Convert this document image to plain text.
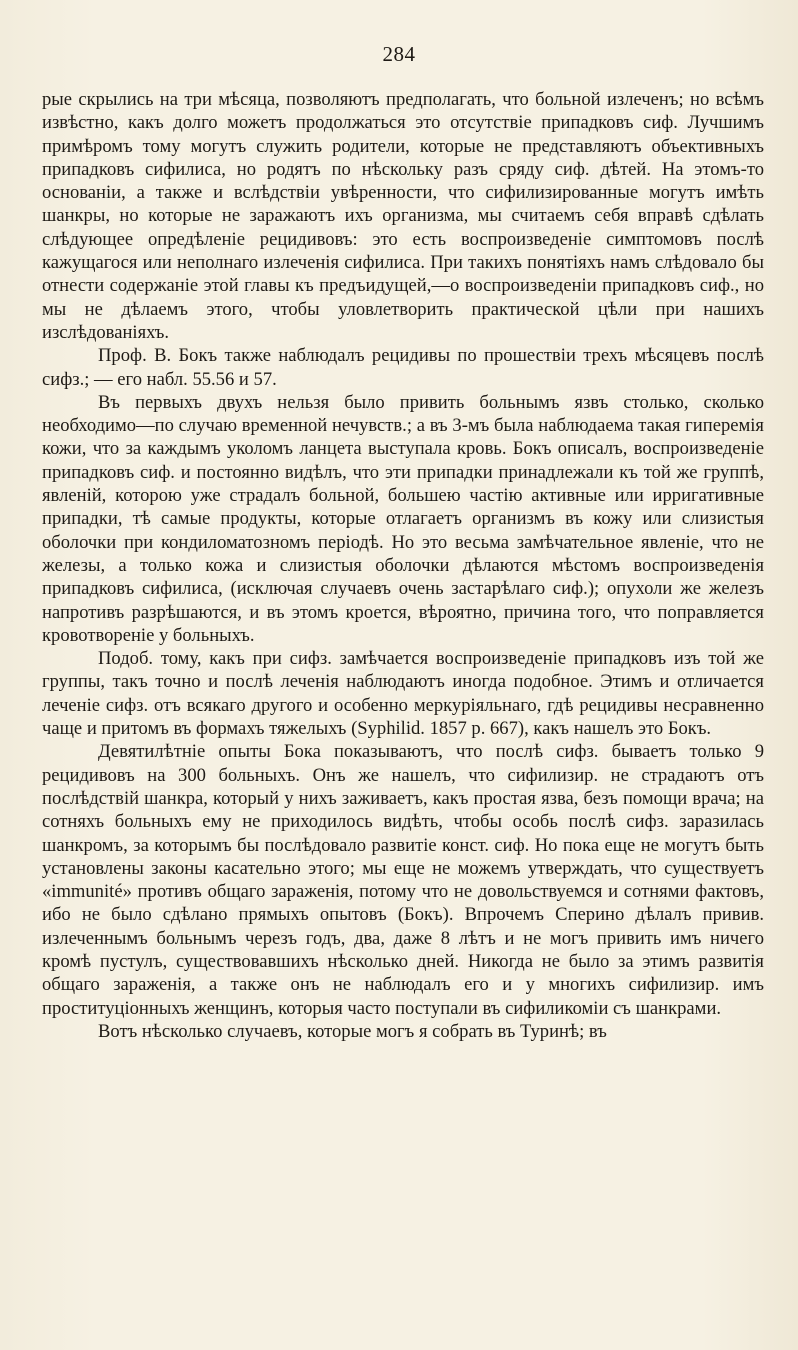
284

рые скрылись на три мѣсяца, позволяютъ предполагать, что больной излеченъ; но всѣмъ извѣстно, какъ долго можетъ продолжаться это отсутствіе припадковъ сиф. Лучшимъ примѣромъ тому могутъ служить родители, которые не представляютъ объективныхъ припадковъ сифилиса, но родятъ по нѣскольку разъ сряду сиф. дѣтей. На этомъ-то основаніи, а также и вслѣдствіи увѣренности, что сифилизированные могутъ имѣть шанкры, но которые не заражаютъ ихъ организма, мы считаемъ себя вправѣ сдѣлать слѣдующее опредѣленіе рецидивовъ: это есть воспроизведеніе симптомовъ послѣ кажущагося или неполнаго излеченія сифилиса. При такихъ понятіяхъ намъ слѣдовало бы отнести содержаніе этой главы къ предъидущей,—о воспроизведеніи припадковъ сиф., но мы не дѣлаемъ этого, чтобы уловлетворить практической цѣли при нашихъ изслѣдованіяхъ.

Проф. В. Бокъ также наблюдалъ рецидивы по прошествіи трехъ мѣсяцевъ послѣ сифз.; — его набл. 55.56 и 57.

Въ первыхъ двухъ нельзя было привить больнымъ язвъ столько, сколько необходимо—по случаю временной нечувств.; а въ 3-мъ была наблюдаема такая гиперемія кожи, что за каждымъ уколомъ ланцета выступала кровь. Бокъ описалъ, воспроизведеніе припадковъ сиф. и постоянно видѣлъ, что эти припадки принадлежали къ той же группѣ, явленій, которою уже страдалъ больной, большею частію активные или ирригативные припадки, тѣ самые продукты, которые отлагаетъ организмъ въ кожу или слизистыя оболочки при кондиломатозномъ періодѣ. Но это весьма замѣчательное явленіе, что не железы, а только кожа и слизистыя оболочки дѣлаются мѣстомъ воспроизведенія припадковъ сифилиса, (исключая случаевъ очень застарѣлаго сиф.); опухоли же железъ напротивъ разрѣшаются, и въ этомъ кроется, вѣроятно, причина того, что поправляется кровотвореніе у больныхъ.

Подоб. тому, какъ при сифз. замѣчается воспроизведеніе припадковъ изъ той же группы, такъ точно и послѣ леченія наблюдаютъ иногда подобное. Этимъ и отличается леченіе сифз. отъ всякаго другого и особенно меркуріяльнаго, гдѣ рецидивы несравненно чаще и притомъ въ формахъ тяжелыхъ (Syphilid. 1857 p. 667), какъ нашелъ это Бокъ.

Девятилѣтніе опыты Бока показываютъ, что послѣ сифз. бываетъ только 9 рецидивовъ на 300 больныхъ. Онъ же нашелъ, что сифилизир. не страдаютъ отъ послѣдствій шанкра, который у нихъ заживаетъ, какъ простая язва, безъ помощи врача; на сотняхъ больныхъ ему не приходилось видѣть, чтобы особь послѣ сифз. заразилась шанкромъ, за которымъ бы послѣдовало развитіе конст. сиф. Но пока еще не могутъ быть установлены законы касательно этого; мы еще не можемъ утверждать, что существуетъ «immunité» противъ общаго зараженія, потому что не довольствуемся и сотнями фактовъ, ибо не было сдѣлано прямыхъ опытовъ (Бокъ). Впрочемъ Сперино дѣлалъ привив. излеченнымъ больнымъ черезъ годъ, два, даже 8 лѣтъ и не могъ привить имъ ничего кромѣ пустулъ, существовавшихъ нѣсколько дней. Никогда не было за этимъ развитія общаго зараженія, а также онъ не наблюдалъ его и у многихъ сифилизир. имъ проституціонныхъ женщинъ, которыя часто поступали въ сифиликоміи съ шанкрами.

Вотъ нѣсколько случаевъ, которые могъ я собрать въ Туринѣ; въ
